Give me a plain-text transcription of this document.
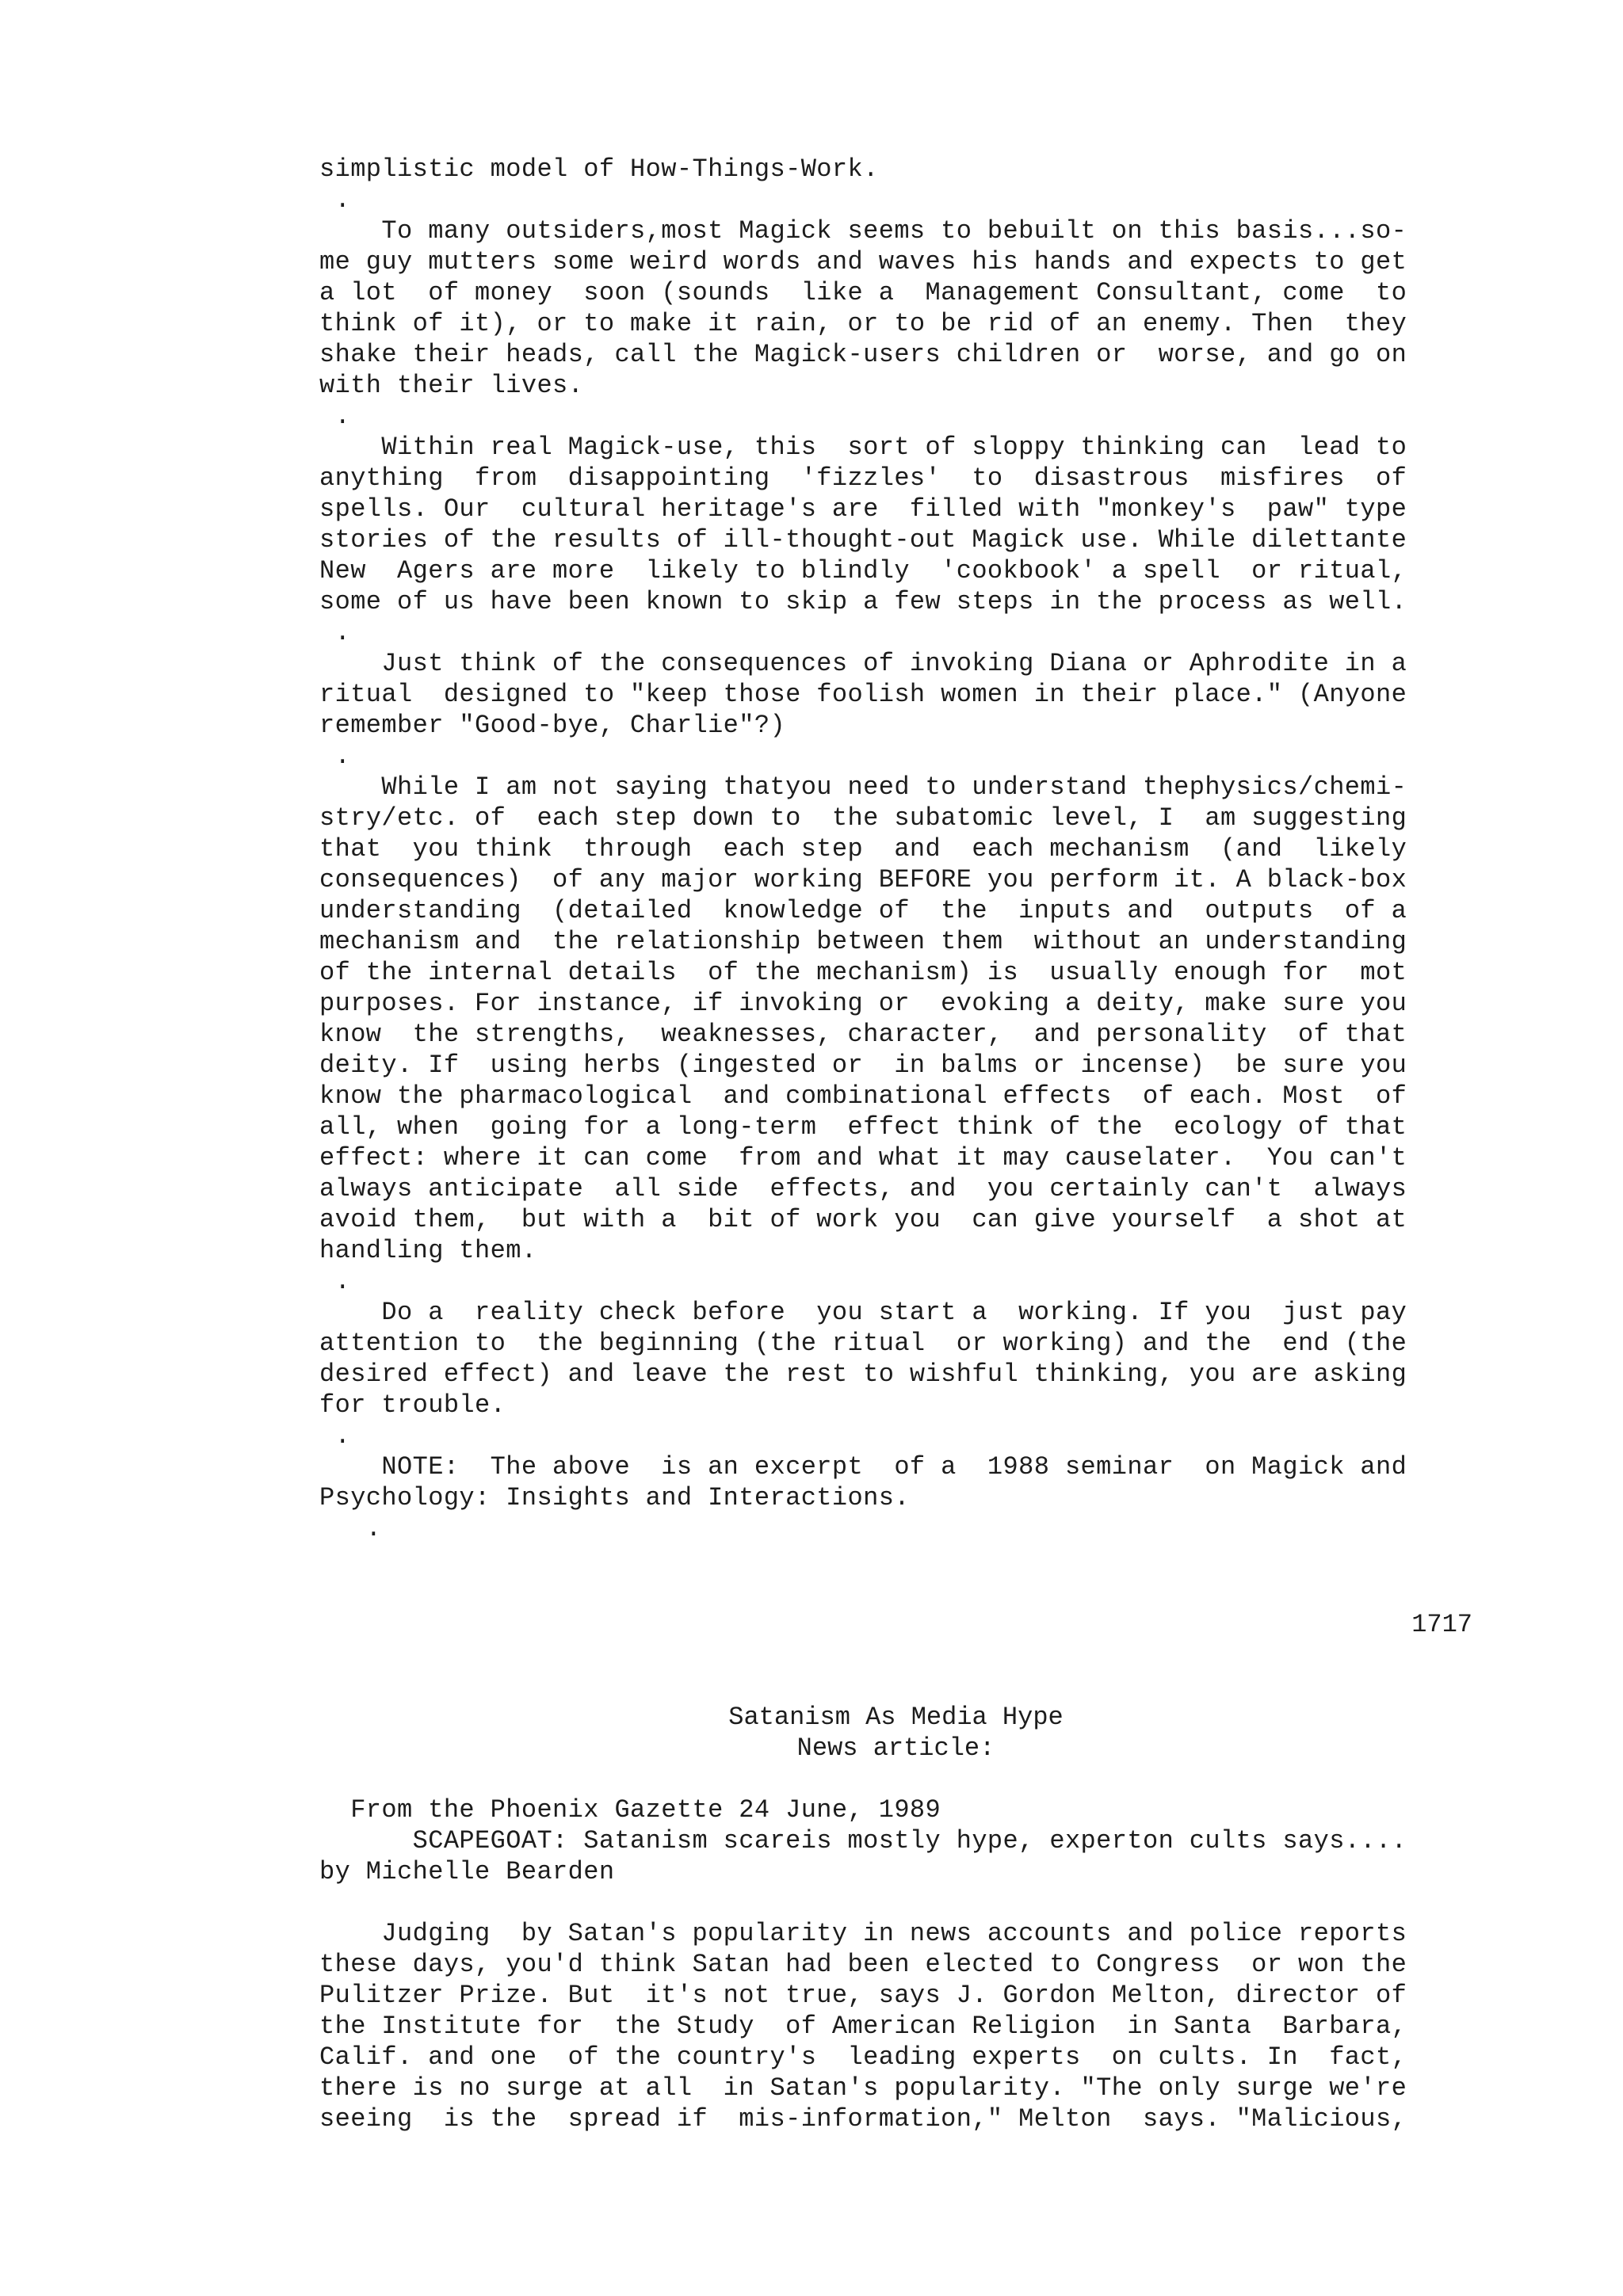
simplistic model of How-Things-Work.
.
To many outsiders,most Magick seems to bebuilt on this basis...so-
me guy mutters some weird words and waves his hands and expects to get
a lot  of money  soon (sounds  like a  Management Consultant, come  to
think of it), or to make it rain, or to be rid of an enemy. Then  they
shake their heads, call the Magick-users children or  worse, and go on
with their lives.
.
Within real Magick-use, this  sort of sloppy thinking can  lead to
anything  from  disappointing  'fizzles'  to  disastrous  misfires  of
spells. Our  cultural heritage's are  filled with "monkey's  paw" type
stories of the results of ill-thought-out Magick use. While dilettante
New  Agers are more  likely to blindly  'cookbook' a spell  or ritual,
some of us have been known to skip a few steps in the process as well.
.
Just think of the consequences of invoking Diana or Aphrodite in a
ritual  designed to "keep those foolish women in their place." (Anyone
remember "Good-bye, Charlie"?)
.
While I am not saying thatyou need to understand thephysics/chemi-
stry/etc. of  each step down to  the subatomic level, I  am suggesting
that  you think  through  each step  and  each mechanism  (and  likely
consequences)  of any major working BEFORE you perform it. A black-box
understanding  (detailed  knowledge of  the  inputs and  outputs  of a
mechanism and  the relationship between them  without an understanding
of the internal details  of the mechanism) is  usually enough for  mot
purposes. For instance, if invoking or  evoking a deity, make sure you
know  the strengths,  weaknesses, character,  and personality  of that
deity. If  using herbs (ingested or  in balms or incense)  be sure you
know the pharmacological  and combinational effects  of each. Most  of
all, when  going for a long-term  effect think of the  ecology of that
effect: where it can come  from and what it may causelater.  You can't
always anticipate  all side  effects, and  you certainly can't  always
avoid them,  but with a  bit of work you  can give yourself  a shot at
handling them.
.
Do a  reality check before  you start a  working. If you  just pay
attention to  the beginning (the ritual  or working) and the  end (the
desired effect) and leave the rest to wishful thinking, you are asking
for trouble.
.
NOTE:  The above  is an excerpt  of a  1988 seminar  on Magick and
Psychology: Insights and Interactions.
.
1717
Satanism As Media Hype
News article:
From the Phoenix Gazette 24 June, 1989
SCAPEGOAT: Satanism scareis mostly hype, experton cults says....
by Michelle Bearden
Judging  by Satan's popularity in news accounts and police reports
these days, you'd think Satan had been elected to Congress  or won the
Pulitzer Prize. But  it's not true, says J. Gordon Melton, director of
the Institute for  the Study  of American Religion  in Santa  Barbara,
Calif. and one  of the country's  leading experts  on cults. In  fact,
there is no surge at all  in Satan's popularity. "The only surge we're
seeing  is the  spread if  mis-information," Melton  says. "Malicious,
